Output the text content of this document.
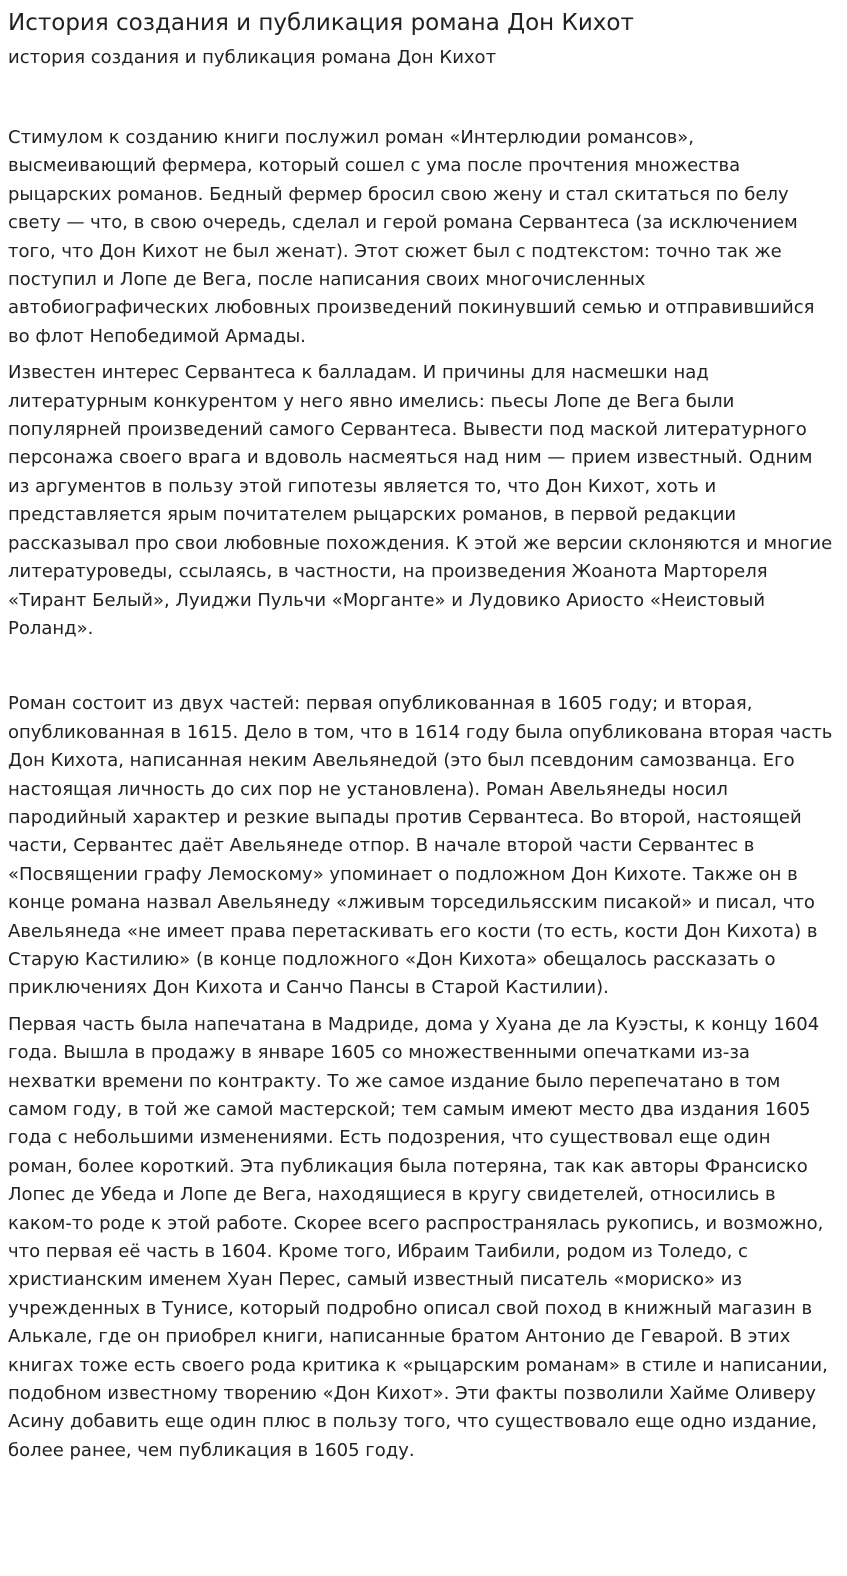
История создания и публикация романа Дон Кихот
история создания и публикация романа Дон Кихот

Стимулом к созданию книги послужил роман «Интерлюдии романсов», высмеивающий фермера, который сошел с ума после прочтения множества рыцарских романов. Бедный фермер бросил свою жену и стал скитаться по белу свету — что, в свою очередь, сделал и герой романа Сервантеса (за исключением того, что Дон Кихот не был женат). Этот сюжет был с подтекстом: точно так же поступил и Лопе де Вега, после написания своих многочисленных автобиографических любовных произведений покинувший семью и отправившийся во флот Непобедимой Армады.

Известен интерес Сервантеса к балладам. И причины для насмешки над литературным конкурентом у него явно имелись: пьесы Лопе де Вега были популярней произведений самого Сервантеса. Вывести под маской литературного персонажа своего врага и вдоволь насмеяться над ним — прием известный. Одним из аргументов в пользу этой гипотезы является то, что Дон Кихот, хоть и представляется ярым почитателем рыцарских романов, в первой редакции рассказывал про свои любовные похождения. К этой же версии склоняются и многие литературоведы, ссылаясь, в частности, на произведения Жоанота Мартореля «Тирант Белый», Луиджи Пульчи «Морганте» и Лудовико Ариосто «Неистовый Роланд».

Роман состоит из двух частей: первая опубликованная в 1605 году; и вторая, опубликованная в 1615. Дело в том, что в 1614 году была опубликована вторая часть Дон Кихота, написанная неким Авельянедой (это был псевдоним самозванца. Его настоящая личность до сих пор не установлена). Роман Авельянеды носил пародийный характер и резкие выпады против Сервантеса. Во второй, настоящей части, Сервантес даёт Авельянеде отпор. В начале второй части Сервантес в «Посвящении графу Лемоскому» упоминает о подложном Дон Кихоте. Также он в конце романа назвал Авельянеду «лживым торседильясским писакой» и писал, что Авельянеда «не имеет права перетаскивать его кости (то есть, кости Дон Кихота) в Старую Кастилию» (в конце подложного «Дон Кихота» обещалось рассказать о приключениях Дон Кихота и Санчо Пансы в Старой Кастилии).

Первая часть была напечатана в Мадриде, дома у Хуана де ла Куэсты, к концу 1604 года. Вышла в продажу в январе 1605 со множественными опечатками из-за нехватки времени по контракту. То же самое издание было перепечатано в том самом году, в той же самой мастерской; тем самым имеют место два издания 1605 года с небольшими изменениями. Есть подозрения, что существовал еще один роман, более короткий. Эта публикация была потеряна, так как авторы Франсиско Лопес де Убеда и Лопе де Вега, находящиеся в кругу свидетелей, относились в каком-то роде к этой работе. Скорее всего распространялась рукопись, и возможно, что первая её часть в 1604. Кроме того, Ибраим Таибили, родом из Толедо, с христианским именем Хуан Перес, самый известный писатель «мориско» из учрежденных в Тунисе, который подробно описал свой поход в книжный магазин в Алькале, где он приобрел книги, написанные братом Антонио де Геварой. В этих книгах тоже есть своего рода критика к «рыцарским романам» в стиле и написании, подобном известному творению «Дон Кихот». Эти факты позволили Хайме Оливеру Асину добавить еще один плюс в пользу того, что существовало еще одно издание, более ранее, чем публикация в 1605 году.
